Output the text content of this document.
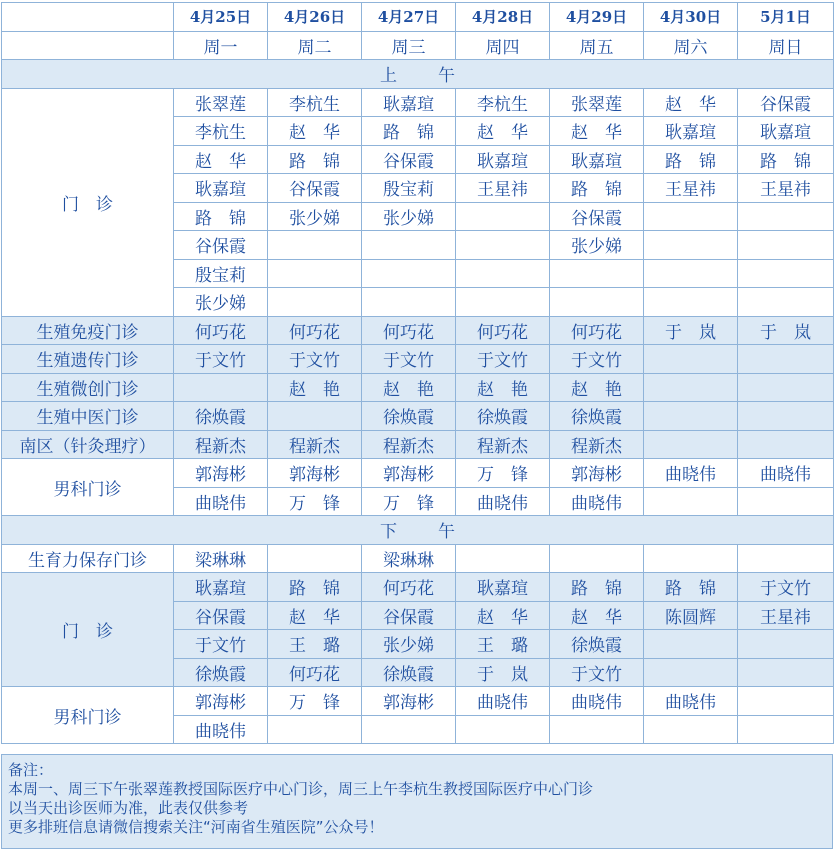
	4月25日	4月26日	4月27日	4月28日	4月29日	4月30日	5月1日
	周一	周二	周三	周四	周五	周六	周日
上　午							
门　诊	张翠莲	李杭生	耿嘉瑄	李杭生	张翠莲	赵　华	谷保霞
	李杭生	赵　华	路　锦	赵　华	赵　华	耿嘉瑄	耿嘉瑄
	赵　华	路　锦	谷保霞	耿嘉瑄	耿嘉瑄	路　锦	路　锦
	耿嘉瑄	谷保霞	殷宝莉	王星祎	路　锦	王星祎	王星祎
	路　锦	张少娣	张少娣		谷保霞		
	谷保霞				张少娣		
	殷宝莉						
	张少娣						
生殖免疫门诊	何巧花	何巧花	何巧花	何巧花	何巧花	于　岚	于　岚
生殖遗传门诊	于文竹	于文竹	于文竹	于文竹	于文竹		
生殖微创门诊		赵　艳	赵　艳	赵　艳	赵　艳		
生殖中医门诊	徐焕霞		徐焕霞	徐焕霞	徐焕霞		
南区（针灸理疗）	程新杰	程新杰	程新杰	程新杰	程新杰		
男科门诊	郭海彬	郭海彬	郭海彬	万　锋	郭海彬	曲晓伟	曲晓伟
	曲晓伟	万　锋	万　锋	曲晓伟	曲晓伟		
下　午							
生育力保存门诊	梁琳琳		梁琳琳				
门　诊	耿嘉瑄	路　锦	何巧花	耿嘉瑄	路　锦	路　锦	于文竹
	谷保霞	赵　华	谷保霞	赵　华	赵　华	陈圆辉	王星祎
	于文竹	王　璐	张少娣	王　璐	徐焕霞		
	徐焕霞	何巧花	徐焕霞	于　岚	于文竹		
男科门诊	郭海彬	万　锋	郭海彬	曲晓伟	曲晓伟	曲晓伟	
	曲晓伟						
备注：
本周一、周三下午张翠莲教授国际医疗中心门诊，周三上午李杭生教授国际医疗中心门诊
以当天出诊医师为准，此表仅供参考
更多排班信息请微信搜索关注“河南省生殖医院”公众号！
